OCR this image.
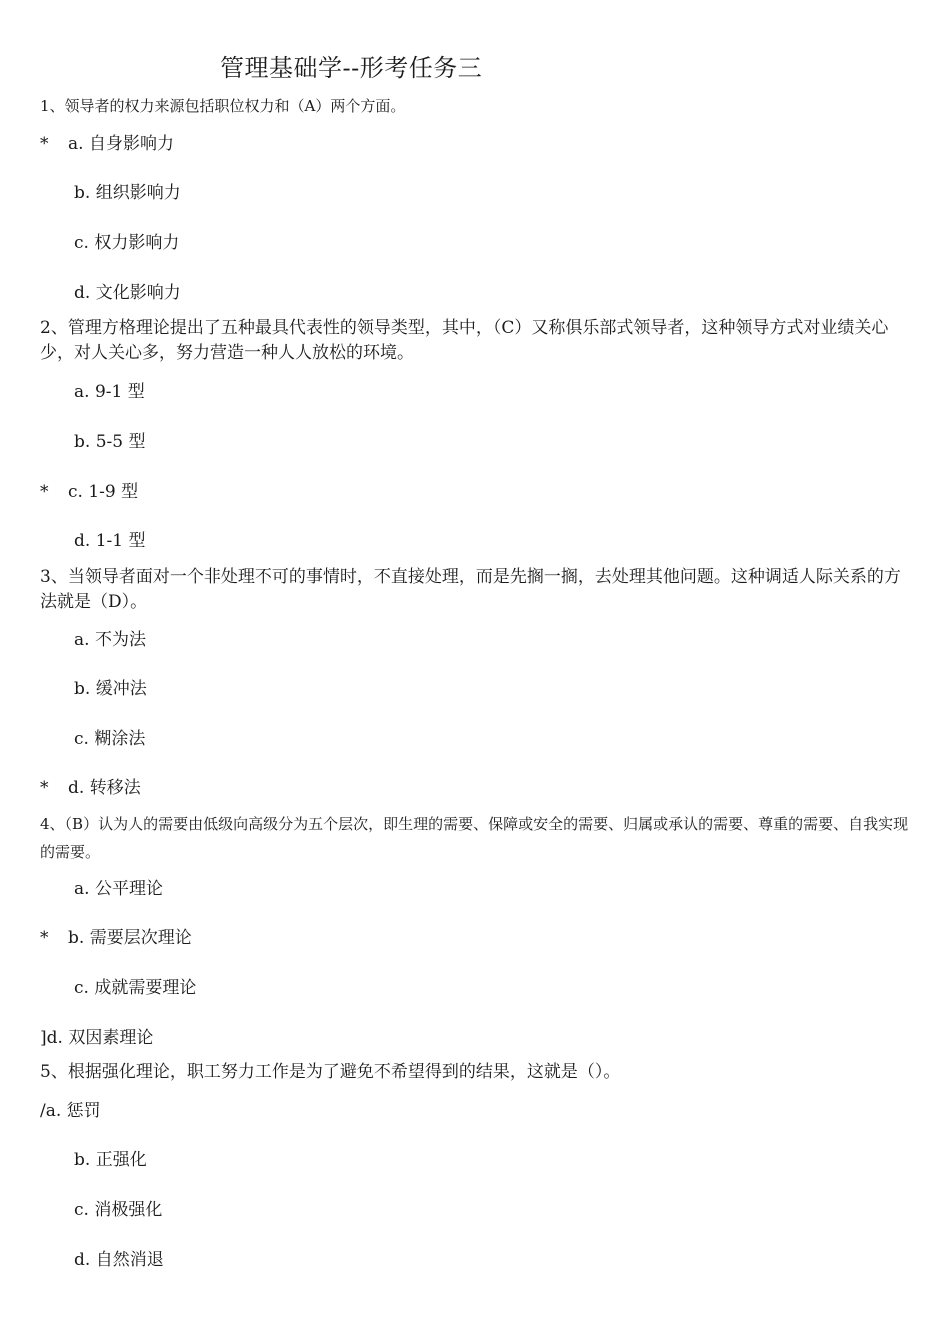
管理基础学--形考任务三
1、领导者的权力来源包括职位权力和（A）两个方面。
* a. 自身影响力
b. 组织影响力
c. 权力影响力
d. 文化影响力
2、管理方格理论提出了五种最具代表性的领导类型，其中，（C）又称俱乐部式领导者，这种领导方式对业绩关心少，对人关心多，努力营造一种人人放松的环境。
a. 9-1 型
b. 5-5 型
* c. 1-9 型
d. 1-1 型
3、当领导者面对一个非处理不可的事情时，不直接处理，而是先搁一搁，去处理其他问题。这种调适人际关系的方法就是（D）。
a. 不为法
b. 缓冲法
c. 糊涂法
* d. 转移法
4、（B）认为人的需要由低级向高级分为五个层次，即生理的需要、保障或安全的需要、归属或承认的需要、尊重的需要、自我实现的需要。
a. 公平理论
* b. 需要层次理论
c. 成就需要理论
]d. 双因素理论
5、根据强化理论，职工努力工作是为了避免不希望得到的结果，这就是（）。
/a. 惩罚
b. 正强化
c. 消极强化
d. 自然消退
